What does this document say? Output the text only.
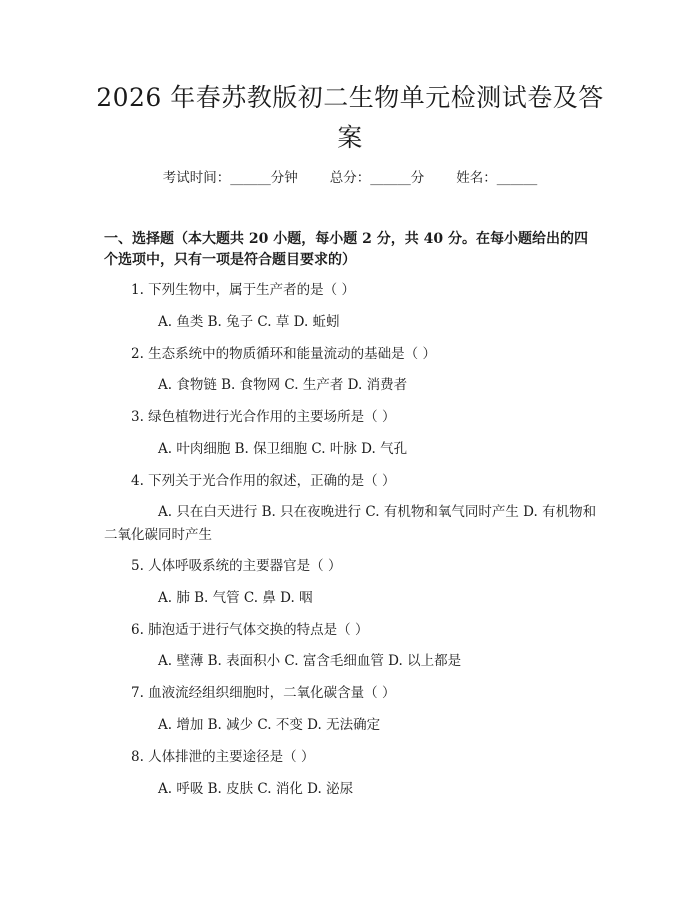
2026 年春苏教版初二生物单元检测试卷及答案
考试时间：______分钟 总分：______分 姓名：______
一、选择题（本大题共 20 小题，每小题 2 分，共 40 分。在每小题给出的四个选项中，只有一项是符合题目要求的）
1. 下列生物中，属于生产者的是（ ）
A. 鱼类 B. 兔子 C. 草 D. 蚯蚓
2. 生态系统中的物质循环和能量流动的基础是（ ）
A. 食物链 B. 食物网 C. 生产者 D. 消费者
3. 绿色植物进行光合作用的主要场所是（ ）
A. 叶肉细胞 B. 保卫细胞 C. 叶脉 D. 气孔
4. 下列关于光合作用的叙述，正确的是（ ）
A. 只在白天进行 B. 只在夜晚进行 C. 有机物和氧气同时产生 D. 有机物和二氧化碳同时产生
5. 人体呼吸系统的主要器官是（ ）
A. 肺 B. 气管 C. 鼻 D. 咽
6. 肺泡适于进行气体交换的特点是（ ）
A. 壁薄 B. 表面积小 C. 富含毛细血管 D. 以上都是
7. 血液流经组织细胞时，二氧化碳含量（ ）
A. 增加 B. 减少 C. 不变 D. 无法确定
8. 人体排泄的主要途径是（ ）
A. 呼吸 B. 皮肤 C. 消化 D. 泌尿
